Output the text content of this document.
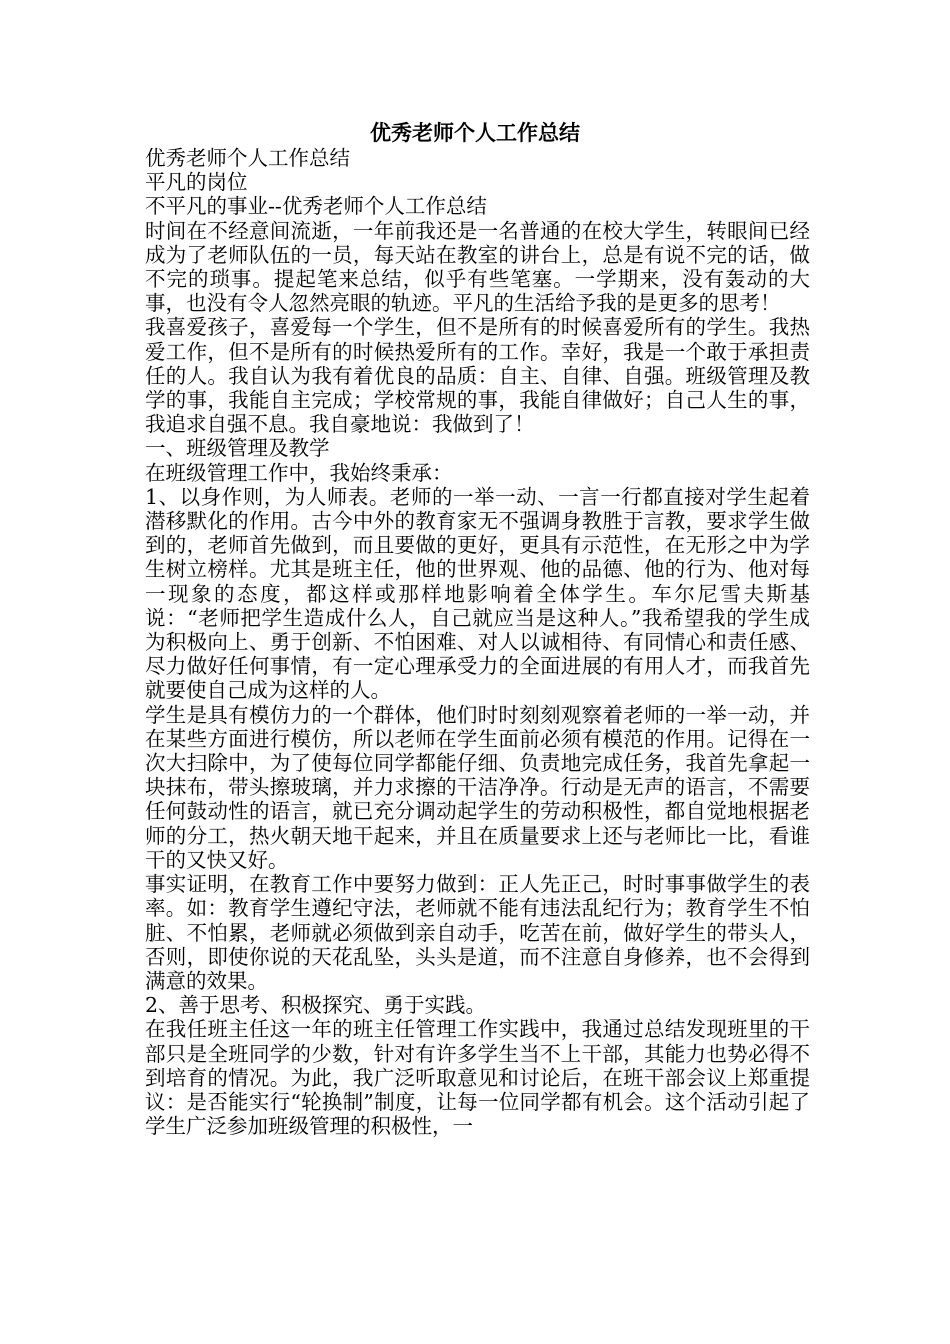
优秀老师个人工作总结

优秀老师个人工作总结

平凡的岗位

不平凡的事业--优秀老师个人工作总结

时间在不经意间流逝，一年前我还是一名普通的在校大学生，转眼间已经成为了老师队伍的一员，每天站在教室的讲台上，总是有说不完的话，做不完的琐事。提起笔来总结，似乎有些笔塞。一学期来，没有轰动的大事，也没有令人忽然亮眼的轨迹。平凡的生活给予我的是更多的思考！

我喜爱孩子，喜爱每一个学生，但不是所有的时候喜爱所有的学生。我热爱工作，但不是所有的时候热爱所有的工作。幸好，我是一个敢于承担责任的人。我自认为我有着优良的品质：自主、自律、自强。班级管理及教学的事，我能自主完成；学校常规的事，我能自律做好；自己人生的事，我追求自强不息。我自豪地说：我做到了！

一、班级管理及教学

在班级管理工作中，我始终秉承：

1、以身作则，为人师表。老师的一举一动、一言一行都直接对学生起着潜移默化的作用。古今中外的教育家无不强调身教胜于言教，要求学生做到的，老师首先做到，而且要做的更好，更具有示范性，在无形之中为学生树立榜样。尤其是班主任，他的世界观、他的品德、他的行为、他对每一现象的态度，都这样或那样地影响着全体学生。车尔尼雪夫斯基说：“老师把学生造成什么人，自己就应当是这种人。”我希望我的学生成为积极向上、勇于创新、不怕困难、对人以诚相待、有同情心和责任感、尽力做好任何事情，有一定心理承受力的全面进展的有用人才，而我首先就要使自己成为这样的人。

学生是具有模仿力的一个群体，他们时时刻刻观察着老师的一举一动，并在某些方面进行模仿，所以老师在学生面前必须有模范的作用。记得在一次大扫除中，为了使每位同学都能仔细、负责地完成任务，我首先拿起一块抹布，带头擦玻璃，并力求擦的干洁净净。行动是无声的语言，不需要任何鼓动性的语言，就已充分调动起学生的劳动积极性，都自觉地根据老师的分工，热火朝天地干起来，并且在质量要求上还与老师比一比，看谁干的又快又好。

事实证明，在教育工作中要努力做到：正人先正己，时时事事做学生的表率。如：教育学生遵纪守法，老师就不能有违法乱纪行为；教育学生不怕脏、不怕累，老师就必须做到亲自动手，吃苦在前，做好学生的带头人，否则，即使你说的天花乱坠，头头是道，而不注意自身修养，也不会得到满意的效果。

2、善于思考、积极探究、勇于实践。

在我任班主任这一年的班主任管理工作实践中，我通过总结发现班里的干部只是全班同学的少数，针对有许多学生当不上干部，其能力也势必得不到培育的情况。为此，我广泛听取意见和讨论后，在班干部会议上郑重提议：是否能实行“轮换制”制度，让每一位同学都有机会。这个活动引起了学生广泛参加班级管理的积极性，一
